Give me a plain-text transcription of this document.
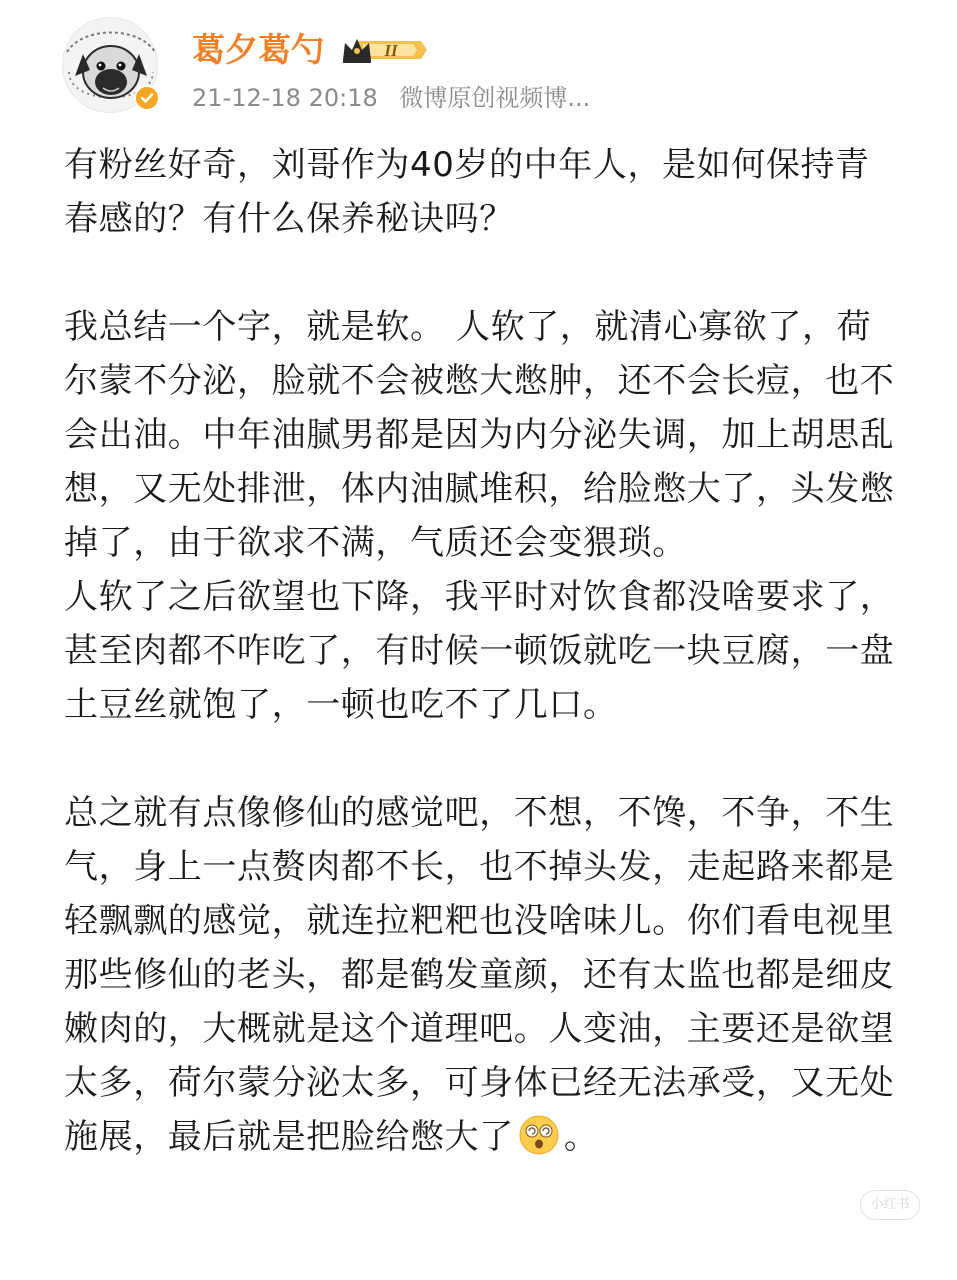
葛夕葛勺	II
21-12-18 20:18 微博原创视频博...

有粉丝好奇，刘哥作为40岁的中年人，是如何保持青春感的？有什么保养秘诀吗？

我总结一个字，就是软。 人软了，就清心寡欲了，荷尔蒙不分泌，脸就不会被憋大憋肿，还不会长痘，也不会出油。中年油腻男都是因为内分泌失调，加上胡思乱想，又无处排泄，体内油腻堆积，给脸憋大了，头发憋掉了，由于欲求不满，气质还会变猥琐。

人软了之后欲望也下降，我平时对饮食都没啥要求了，甚至肉都不咋吃了，有时候一顿饭就吃一块豆腐，一盘土豆丝就饱了，一顿也吃不了几口。

总之就有点像修仙的感觉吧，不想，不馋，不争，不生气，身上一点赘肉都不长，也不掉头发，走起路来都是轻飘飘的感觉，就连拉粑粑也没啥味儿。你们看电视里那些修仙的老头，都是鹤发童颜，还有太监也都是细皮嫩肉的，大概就是这个道理吧。人变油，主要还是欲望太多，荷尔蒙分泌太多，可身体已经无法承受，又无处施展，最后就是把脸给憋大了 。

小红书
